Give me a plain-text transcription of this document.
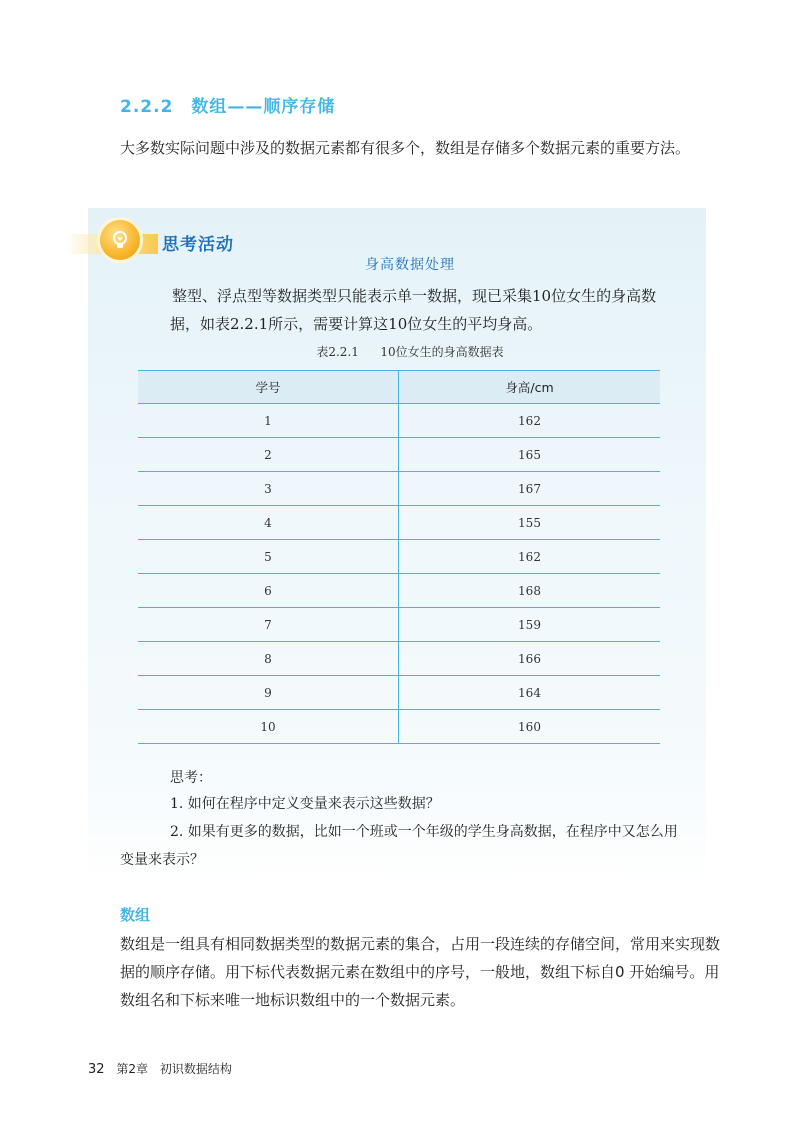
2.2.2 数组——顺序存储

大多数实际问题中涉及的数据元素都有很多个，数组是存储多个数据元素的重要方法。

思考活动
身高数据处理

整型、浮点型等数据类型只能表示单一数据，现已采集10位女生的身高数据，如表2.2.1所示，需要计算这10位女生的平均身高。

表2.2.1 10位女生的身高数据表
学号	身高/cm
1	162
2	165
3	167
4	155
5	162
6	168
7	159
8	166
9	164
10	160

思考：

1. 如何在程序中定义变量来表示这些数据？

2. 如果有更多的数据，比如一个班或一个年级的学生身高数据，在程序中又怎么用变量来表示？

数组

数组是一组具有相同数据类型的数据元素的集合，占用一段连续的存储空间，常用来实现数据的顺序存储。用下标代表数据元素在数组中的序号，一般地，数组下标自0 开始编号。用数组名和下标来唯一地标识数组中的一个数据元素。

32 第2章 初识数据结构
